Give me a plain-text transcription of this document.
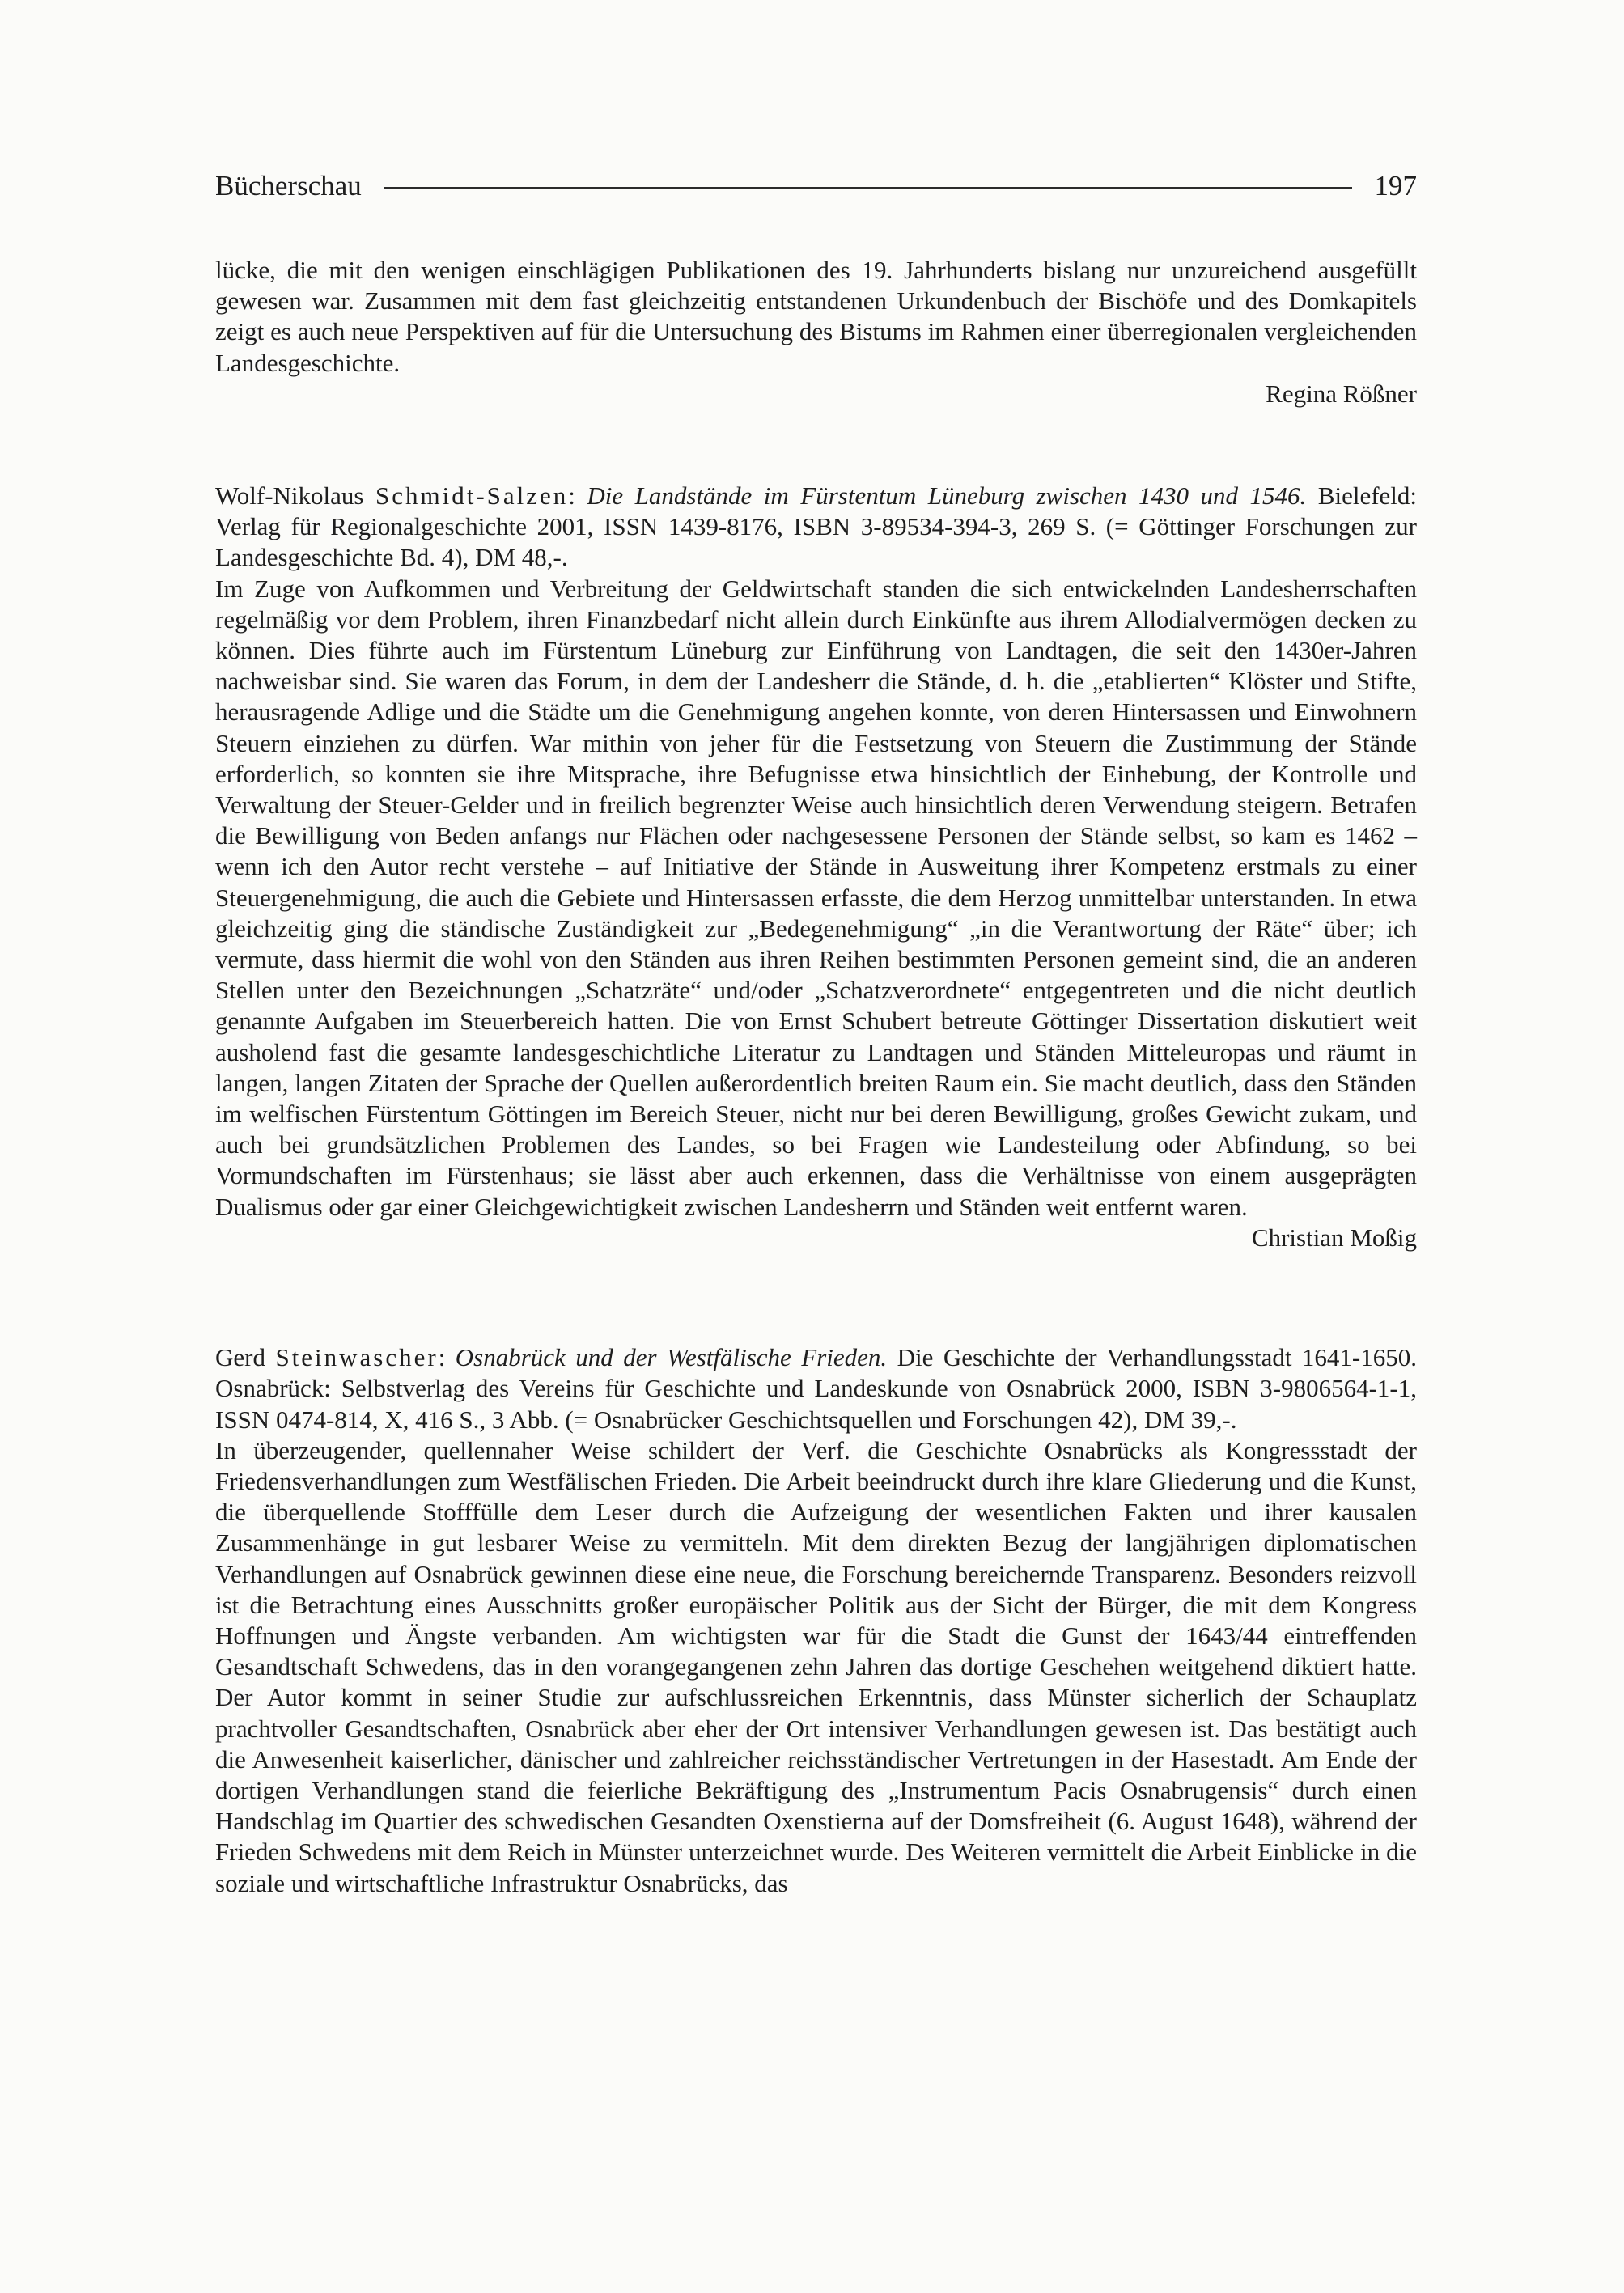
Bücherschau	197

lücke, die mit den wenigen einschlägigen Publikationen des 19. Jahrhunderts bislang nur unzureichend ausgefüllt gewesen war. Zusammen mit dem fast gleichzeitig entstandenen Urkundenbuch der Bischöfe und des Domkapitels zeigt es auch neue Perspektiven auf für die Untersuchung des Bistums im Rahmen einer überregionalen vergleichenden Landesgeschichte.

Regina Rößner

Wolf-Nikolaus Schmidt-Salzen: Die Landstände im Fürstentum Lüneburg zwischen 1430 und 1546. Bielefeld: Verlag für Regionalgeschichte 2001, ISSN 1439-8176, ISBN 3-89534-394-3, 269 S. (= Göttinger Forschungen zur Landesgeschichte Bd. 4), DM 48,-.

Im Zuge von Aufkommen und Verbreitung der Geldwirtschaft standen die sich entwickelnden Landesherrschaften regelmäßig vor dem Problem, ihren Finanzbedarf nicht allein durch Einkünfte aus ihrem Allodialvermögen decken zu können. Dies führte auch im Fürstentum Lüneburg zur Einführung von Landtagen, die seit den 1430er-Jahren nachweisbar sind. Sie waren das Forum, in dem der Landesherr die Stände, d. h. die „etablierten“ Klöster und Stifte, herausragende Adlige und die Städte um die Genehmigung angehen konnte, von deren Hintersassen und Einwohnern Steuern einziehen zu dürfen. War mithin von jeher für die Festsetzung von Steuern die Zustimmung der Stände erforderlich, so konnten sie ihre Mitsprache, ihre Befugnisse etwa hinsichtlich der Einhebung, der Kontrolle und Verwaltung der Steuer-Gelder und in freilich begrenzter Weise auch hinsichtlich deren Verwendung steigern. Betrafen die Bewilligung von Beden anfangs nur Flächen oder nachgesessene Personen der Stände selbst, so kam es 1462 – wenn ich den Autor recht verstehe – auf Initiative der Stände in Ausweitung ihrer Kompetenz erstmals zu einer Steuergenehmigung, die auch die Gebiete und Hintersassen erfasste, die dem Herzog unmittelbar unterstanden. In etwa gleichzeitig ging die ständische Zuständigkeit zur „Bedegenehmigung“ „in die Verantwortung der Räte“ über; ich vermute, dass hiermit die wohl von den Ständen aus ihren Reihen bestimmten Personen gemeint sind, die an anderen Stellen unter den Bezeichnungen „Schatzräte“ und/oder „Schatzverordnete“ entgegentreten und die nicht deutlich genannte Aufgaben im Steuerbereich hatten. Die von Ernst Schubert betreute Göttinger Dissertation diskutiert weit ausholend fast die gesamte landesgeschichtliche Literatur zu Landtagen und Ständen Mitteleuropas und räumt in langen, langen Zitaten der Sprache der Quellen außerordentlich breiten Raum ein. Sie macht deutlich, dass den Ständen im welfischen Fürstentum Göttingen im Bereich Steuer, nicht nur bei deren Bewilligung, großes Gewicht zukam, und auch bei grundsätzlichen Problemen des Landes, so bei Fragen wie Landesteilung oder Abfindung, so bei Vormundschaften im Fürstenhaus; sie lässt aber auch erkennen, dass die Verhältnisse von einem ausgeprägten Dualismus oder gar einer Gleichgewichtigkeit zwischen Landesherrn und Ständen weit entfernt waren.

Christian Moßig

Gerd Steinwascher: Osnabrück und der Westfälische Frieden. Die Geschichte der Verhandlungsstadt 1641-1650. Osnabrück: Selbstverlag des Vereins für Geschichte und Landeskunde von Osnabrück 2000, ISBN 3-9806564-1-1, ISSN 0474-814, X, 416 S., 3 Abb. (= Osnabrücker Geschichtsquellen und Forschungen 42), DM 39,-.

In überzeugender, quellennaher Weise schildert der Verf. die Geschichte Osnabrücks als Kongressstadt der Friedensverhandlungen zum Westfälischen Frieden. Die Arbeit beeindruckt durch ihre klare Gliederung und die Kunst, die überquellende Stofffülle dem Leser durch die Aufzeigung der wesentlichen Fakten und ihrer kausalen Zusammenhänge in gut lesbarer Weise zu vermitteln. Mit dem direkten Bezug der langjährigen diplomatischen Verhandlungen auf Osnabrück gewinnen diese eine neue, die Forschung bereichernde Transparenz. Besonders reizvoll ist die Betrachtung eines Ausschnitts großer europäischer Politik aus der Sicht der Bürger, die mit dem Kongress Hoffnungen und Ängste verbanden. Am wichtigsten war für die Stadt die Gunst der 1643/44 eintreffenden Gesandtschaft Schwedens, das in den vorangegangenen zehn Jahren das dortige Geschehen weitgehend diktiert hatte. Der Autor kommt in seiner Studie zur aufschlussreichen Erkenntnis, dass Münster sicherlich der Schauplatz prachtvoller Gesandtschaften, Osnabrück aber eher der Ort intensiver Verhandlungen gewesen ist. Das bestätigt auch die Anwesenheit kaiserlicher, dänischer und zahlreicher reichsständischer Vertretungen in der Hasestadt. Am Ende der dortigen Verhandlungen stand die feierliche Bekräftigung des „Instrumentum Pacis Osnabrugensis“ durch einen Handschlag im Quartier des schwedischen Gesandten Oxenstierna auf der Domsfreiheit (6. August 1648), während der Frieden Schwedens mit dem Reich in Münster unterzeichnet wurde. Des Weiteren vermittelt die Arbeit Einblicke in die soziale und wirtschaftliche Infrastruktur Osnabrücks, das
